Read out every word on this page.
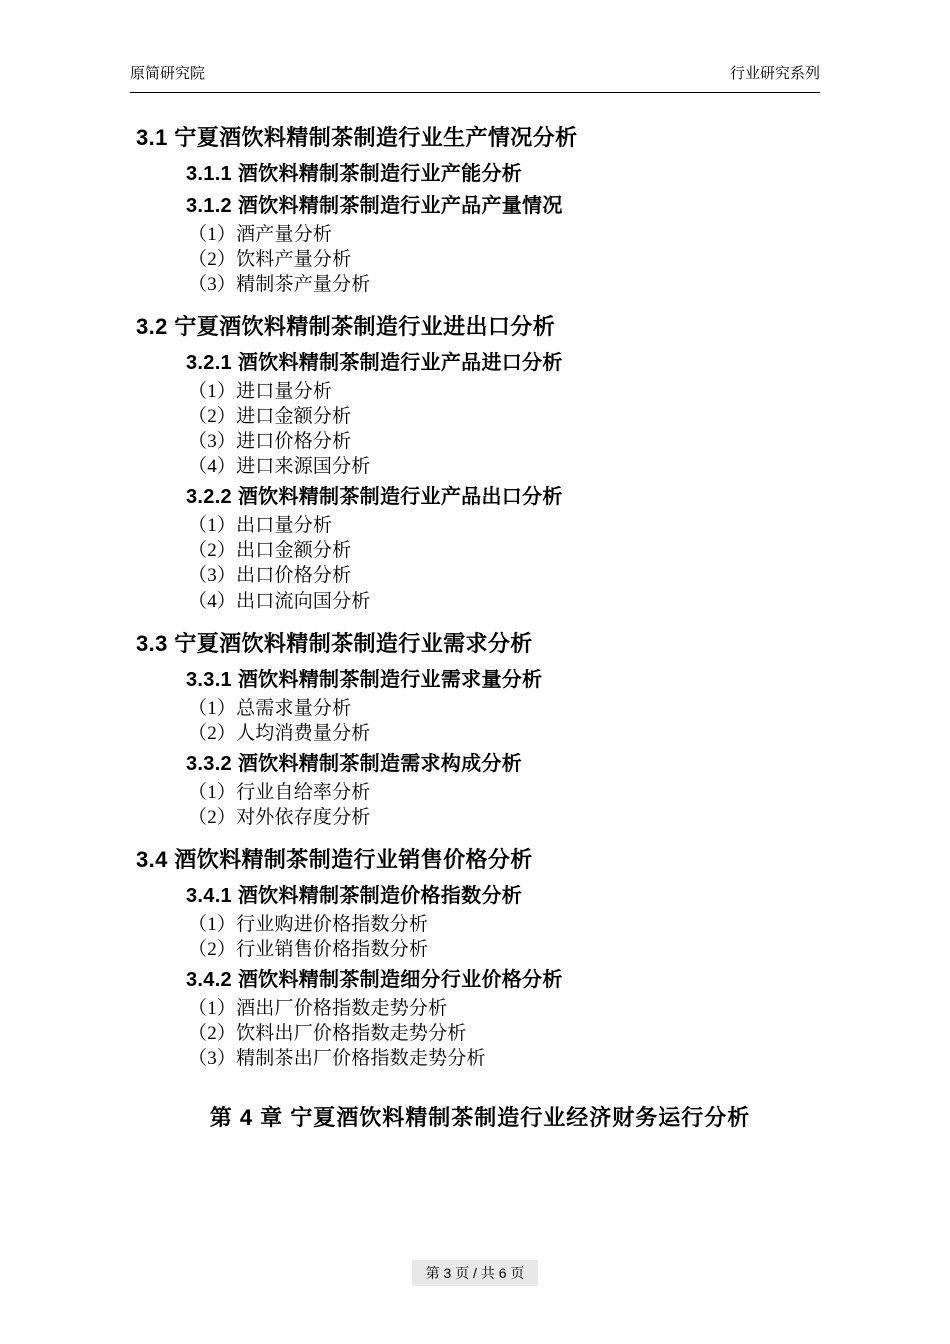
原简研究院	行业研究系列
3.1 宁夏酒饮料精制茶制造行业生产情况分析
3.1.1 酒饮料精制茶制造行业产能分析
3.1.2 酒饮料精制茶制造行业产品产量情况
（1）酒产量分析
（2）饮料产量分析
（3）精制茶产量分析
3.2 宁夏酒饮料精制茶制造行业进出口分析
3.2.1 酒饮料精制茶制造行业产品进口分析
（1）进口量分析
（2）进口金额分析
（3）进口价格分析
（4）进口来源国分析
3.2.2 酒饮料精制茶制造行业产品出口分析
（1）出口量分析
（2）出口金额分析
（3）出口价格分析
（4）出口流向国分析
3.3 宁夏酒饮料精制茶制造行业需求分析
3.3.1 酒饮料精制茶制造行业需求量分析
（1）总需求量分析
（2）人均消费量分析
3.3.2 酒饮料精制茶制造需求构成分析
（1）行业自给率分析
（2）对外依存度分析
3.4 酒饮料精制茶制造行业销售价格分析
3.4.1 酒饮料精制茶制造价格指数分析
（1）行业购进价格指数分析
（2）行业销售价格指数分析
3.4.2 酒饮料精制茶制造细分行业价格分析
（1）酒出厂价格指数走势分析
（2）饮料出厂价格指数走势分析
（3）精制茶出厂价格指数走势分析
第 4 章 宁夏酒饮料精制茶制造行业经济财务运行分析
第 3 页 / 共 6 页
